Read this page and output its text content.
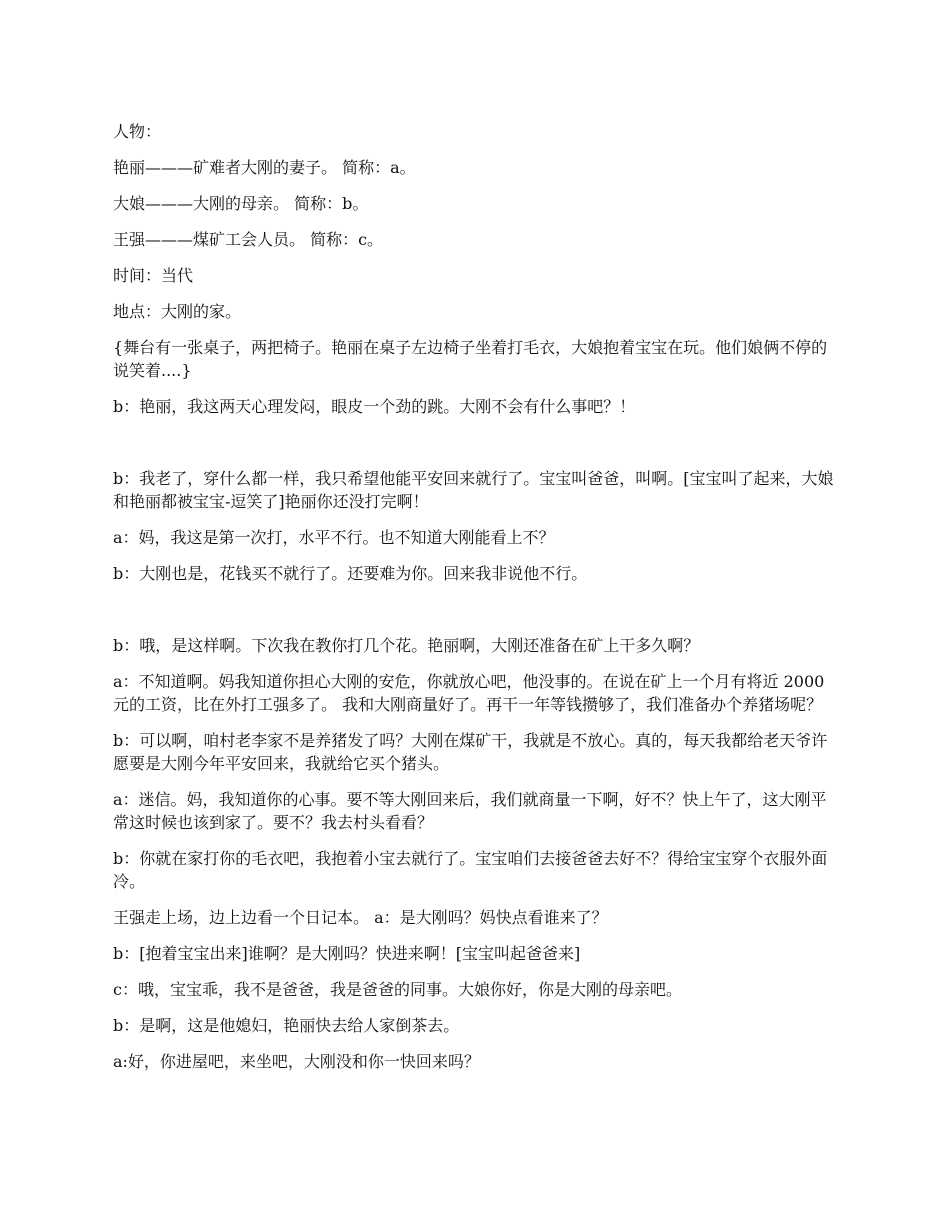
人物：

艳丽———矿难者大刚的妻子。 简称：a。

大娘———大刚的母亲。 简称：b。

王强———煤矿工会人员。 简称：c。

时间：当代

地点：大刚的家。

{舞台有一张桌子，两把椅子。艳丽在桌子左边椅子坐着打毛衣，大娘抱着宝宝在玩。他们娘俩不停的说笑着....}

b：艳丽，我这两天心理发闷，眼皮一个劲的跳。大刚不会有什么事吧？！

b：我老了，穿什么都一样，我只希望他能平安回来就行了。宝宝叫爸爸，叫啊。[宝宝叫了起来，大娘和艳丽都被宝宝-逗笑了]艳丽你还没打完啊！

a：妈，我这是第一次打，水平不行。也不知道大刚能看上不？

b：大刚也是，花钱买不就行了。还要难为你。回来我非说他不行。

b：哦，是这样啊。下次我在教你打几个花。艳丽啊，大刚还准备在矿上干多久啊？

a：不知道啊。妈我知道你担心大刚的安危，你就放心吧，他没事的。在说在矿上一个月有将近 2000 元的工资，比在外打工强多了。 我和大刚商量好了。再干一年等钱攒够了，我们准备办个养猪场呢？

b：可以啊，咱村老李家不是养猪发了吗？大刚在煤矿干，我就是不放心。真的，每天我都给老天爷许愿要是大刚今年平安回来，我就给它买个猪头。

a：迷信。妈，我知道你的心事。要不等大刚回来后，我们就商量一下啊，好不？快上午了，这大刚平常这时候也该到家了。要不？我去村头看看？

b：你就在家打你的毛衣吧，我抱着小宝去就行了。宝宝咱们去接爸爸去好不？得给宝宝穿个衣服外面冷。

王强走上场，边上边看一个日记本。 a：是大刚吗？妈快点看谁来了？

b：[抱着宝宝出来]谁啊？是大刚吗？快进来啊！[宝宝叫起爸爸来]

c：哦，宝宝乖，我不是爸爸，我是爸爸的同事。大娘你好，你是大刚的母亲吧。

b：是啊，这是他媳妇，艳丽快去给人家倒茶去。

a:好，你进屋吧，来坐吧，大刚没和你一快回来吗？
